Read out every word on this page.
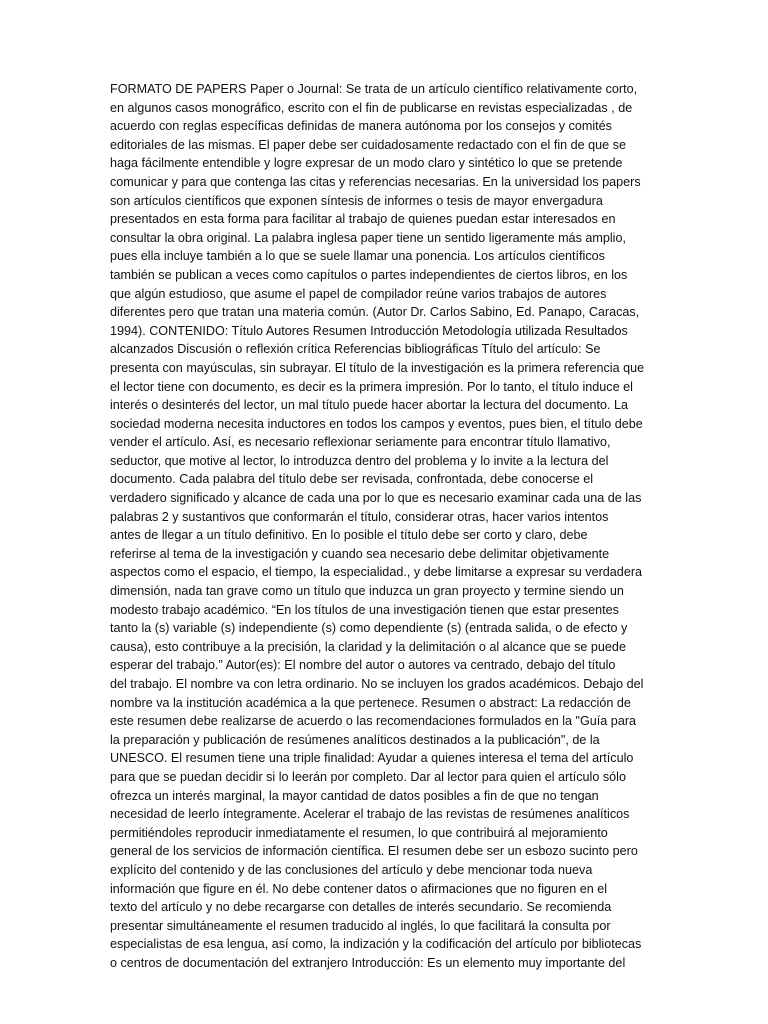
FORMATO DE PAPERS Paper o Journal: Se trata de un artículo científico relativamente corto,
en algunos casos monográfico, escrito con el fin de publicarse en revistas especializadas , de
acuerdo con reglas específicas definidas de manera autónoma por los consejos y comités
editoriales de las mismas. El paper debe ser cuidadosamente redactado con el fin de que se
haga fácilmente entendible y logre expresar de un modo claro y sintético lo que se pretende
comunicar y para que contenga las citas y referencias necesarias. En la universidad los papers
son artículos científicos que exponen síntesis de informes o tesis de mayor envergadura
presentados en esta forma para facilitar al trabajo de quienes puedan estar interesados en
consultar la obra original. La palabra inglesa paper tiene un sentido ligeramente más amplio,
pues ella incluye también a lo que se suele llamar una ponencia. Los artículos científicos
también se publican a veces como capítulos o partes independientes de ciertos libros, en los
que algún estudioso, que asume el papel de compilador reúne varios trabajos de autores
diferentes pero que tratan una materia común. (Autor Dr. Carlos Sabino, Ed. Panapo, Caracas,
1994). CONTENIDO: Título Autores Resumen Introducción Metodología utilizada Resultados
alcanzados Discusión o reflexión crítica Referencias bibliográficas Título del artículo: Se
presenta con mayúsculas, sin subrayar. El título de la investigación es la primera referencia que
el lector tiene con documento, es decir es la primera impresión. Por lo tanto, el título induce el
interés o desinterés del lector, un mal título puede hacer abortar la lectura del documento. La
sociedad moderna necesita inductores en todos los campos y eventos, pues bien, el título debe
vender el artículo. Así, es necesario reflexionar seriamente para encontrar título llamativo,
seductor, que motive al lector, lo introduzca dentro del problema y lo invite a la lectura del
documento. Cada palabra del título debe ser revisada, confrontada, debe conocerse el
verdadero significado y alcance de cada una por lo que es necesario examinar cada una de las
palabras 2 y sustantivos que conformarán el título, considerar otras, hacer varios intentos
antes de llegar a un título definitivo. En lo posible el título debe ser corto y claro, debe
referirse al tema de la investigación y cuando sea necesario debe delimitar objetivamente
aspectos como el espacio, el tiempo, la especialidad., y debe limitarse a expresar su verdadera
dimensión, nada tan grave como un título que induzca un gran proyecto y termine siendo un
modesto trabajo académico. “En los títulos de una investigación tienen que estar presentes
tanto la (s) variable (s) independiente (s) como dependiente (s) (entrada salida, o de efecto y
causa), esto contribuye a la precisión, la claridad y la delimitación o al alcance que se puede
esperar del trabajo.” Autor(es): El nombre del autor o autores va centrado, debajo del título
del trabajo. El nombre va con letra ordinario. No se incluyen los grados académicos. Debajo del
nombre va la institución académica a la que pertenece. Resumen o abstract: La redacción de
este resumen debe realizarse de acuerdo o las recomendaciones formulados en la "Guía para
la preparación y publicación de resúmenes analíticos destinados a la publicación", de la
UNESCO. El resumen tiene una triple finalidad: Ayudar a quienes interesa el tema del artículo
para que se puedan decidir si lo leerán por completo. Dar al lector para quien el artículo sólo
ofrezca un interés marginal, la mayor cantidad de datos posibles a fin de que no tengan
necesidad de leerlo íntegramente. Acelerar el trabajo de las revistas de resúmenes analíticos
permitiéndoles reproducir inmediatamente el resumen, lo que contribuirá al mejoramiento
general de los servicios de información científica. El resumen debe ser un esbozo sucinto pero
explícito del contenido y de las conclusiones del artículo y debe mencionar toda nueva
información que figure en él. No debe contener datos o afirmaciones que no figuren en el
texto del artículo y no debe recargarse con detalles de interés secundario. Se recomienda
presentar simultáneamente el resumen traducido al inglés, lo que facilitará la consulta por
especialistas de esa lengua, así como, la indización y la codificación del artículo por bibliotecas
o centros de documentación del extranjero Introducción: Es un elemento muy importante del
